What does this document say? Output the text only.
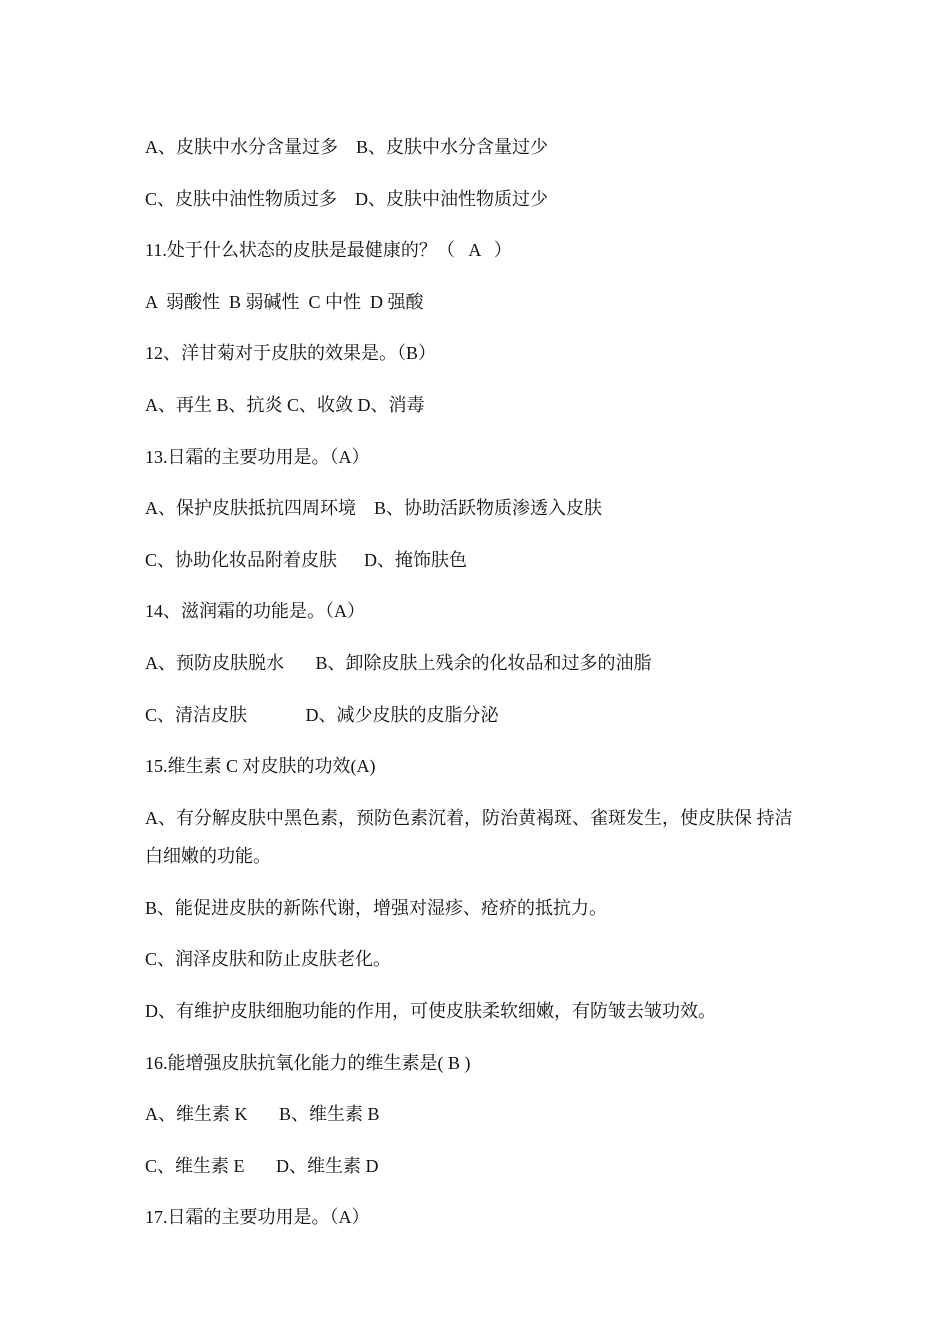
A、皮肤中水分含量过多    B、皮肤中水分含量过少
C、皮肤中油性物质过多    D、皮肤中油性物质过少
11.处于什么状态的皮肤是最健康的？（   A   ）
A  弱酸性  B 弱碱性  C 中性  D 强酸
12、洋甘菊对于皮肤的效果是。（B）
A、再生 B、抗炎 C、收敛 D、消毒
13.日霜的主要功用是。（A）
A、保护皮肤抵抗四周环境    B、协助活跃物质渗透入皮肤
C、协助化妆品附着皮肤      D、掩饰肤色
14、滋润霜的功能是。（A）
A、预防皮肤脱水       B、卸除皮肤上残余的化妆品和过多的油脂
C、清洁皮肤             D、减少皮肤的皮脂分泌
15.维生素 C 对皮肤的功效(A)
A、有分解皮肤中黑色素，预防色素沉着，防治黄褐斑、雀斑发生，使皮肤保 持洁白细嫩的功能。
B、能促进皮肤的新陈代谢，增强对湿疹、疮疥的抵抗力。
C、润泽皮肤和防止皮肤老化。
D、有维护皮肤细胞功能的作用，可使皮肤柔软细嫩，有防皱去皱功效。
16.能增强皮肤抗氧化能力的维生素是( B )
A、维生素 K       B、维生素 B
C、维生素 E       D、维生素 D
17.日霜的主要功用是。（A）
